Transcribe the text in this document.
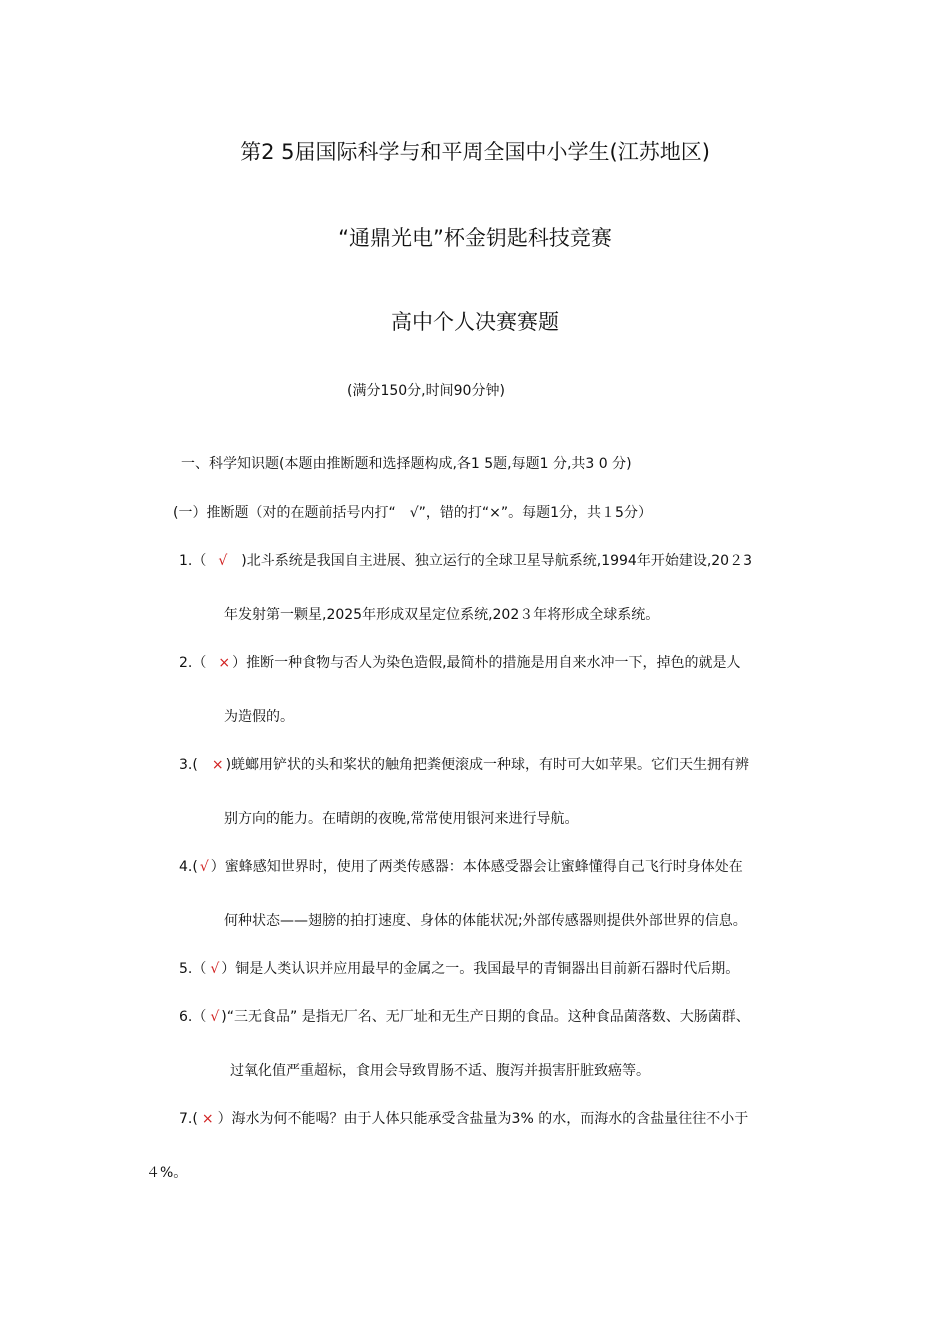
第2 5届国际科学与和平周全国中小学生(江苏地区)
“通鼎光电”杯金钥匙科技竞赛
高中个人决赛赛题
(满分150分,时间90分钟)
一、科学知识题(本题由推断题和选择题构成,各1 5题,每题1 分,共3 0 分)
(一）推断题（对的在题前括号内打“　√”，错的打“×”。每题1分，共１5分）
1.（ √ )北斗系统是我国自主进展、独立运行的全球卫星导航系统,1994年开始建设,20２3
年发射第一颗星,2025年形成双星定位系统,202３年将形成全球系统。
2.（ × ）推断一种食物与否人为染色造假,最简朴的措施是用自来水冲一下，掉色的就是人
为造假的。
3.( × )蜣螂用铲状的头和桨状的触角把粪便滚成一种球，有时可大如苹果。它们天生拥有辨
别方向的能力。在晴朗的夜晚,常常使用银河来进行导航。
4.( √ ）蜜蜂感知世界时，使用了两类传感器：本体感受器会让蜜蜂懂得自己飞行时身体处在
何种状态——翅膀的拍打速度、身体的体能状况;外部传感器则提供外部世界的信息。
5.（ √ ）铜是人类认识并应用最早的金属之一。我国最早的青铜器出目前新石器时代后期。
6.（ √ )“三无食品” 是指无厂名、无厂址和无生产日期的食品。这种食品菌落数、大肠菌群、
过氧化值严重超标，食用会导致胃肠不适、腹泻并损害肝脏致癌等。
7.( × ）海水为何不能喝？由于人体只能承受含盐量为3% 的水，而海水的含盐量往往不小于
４%。
